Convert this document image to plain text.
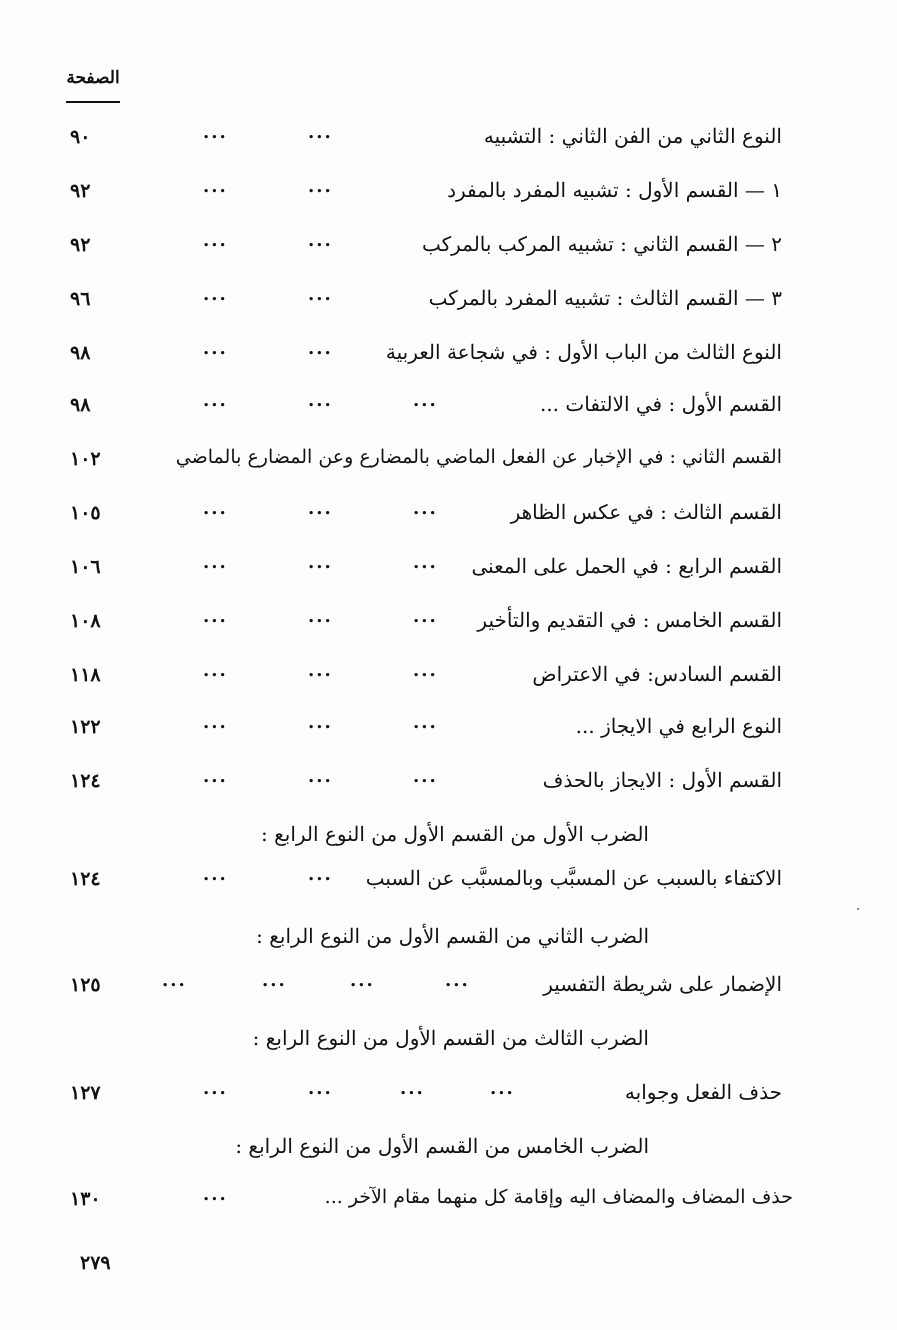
الصفحة
٩٠	...	...	النوع الثاني من الفن الثاني : التشبيه
٩٢	...	...	١ — القسم الأول : تشبيه المفرد بالمفرد
٩٢	...	...	٢ — القسم الثاني : تشبيه المركب بالمركب
٩٦	...	...	٣ — القسم الثالث : تشبيه المفرد بالمركب
٩٨	...	...	النوع الثالث من الباب الأول : في شجاعة العربية
٩٨	...	...	...	القسم الأول : في الالتفات ...
١٠٢	القسم الثاني : في الإخبار عن الفعل الماضي بالمضارع وعن المضارع بالماضي
١٠٥	...	...	...	القسم الثالث : في عكس الظاهر
١٠٦	...	...	... القسم الرابع : في الحمل على المعنى
١٠٨	...	...	... القسم الخامس : في التقديم والتأخير
١١٨	...	...	...	القسم السادس: في الاعتراض
١٢٢	...	...	...	النوع الرابع في الايجاز ...
١٢٤	...	...	...	القسم الأول : الايجاز بالحذف
الضرب الأول من القسم الأول من النوع الرابع :
١٢٤	...	... الاكتفاء بالسبب عن المسبَّب وبالمسبَّب عن السبب
الضرب الثاني من القسم الأول من النوع الرابع :
١٢٥	...	...	...	...	الإضمار على شريطة التفسير
الضرب الثالث من القسم الأول من النوع الرابع :
١٢٧	...	...	...	...	حذف الفعل وجوابه
الضرب الخامس من القسم الأول من النوع الرابع :
١٣٠	...	حذف المضاف والمضاف اليه وإقامة كل منهما مقام الآخر ...
٢٧٩
